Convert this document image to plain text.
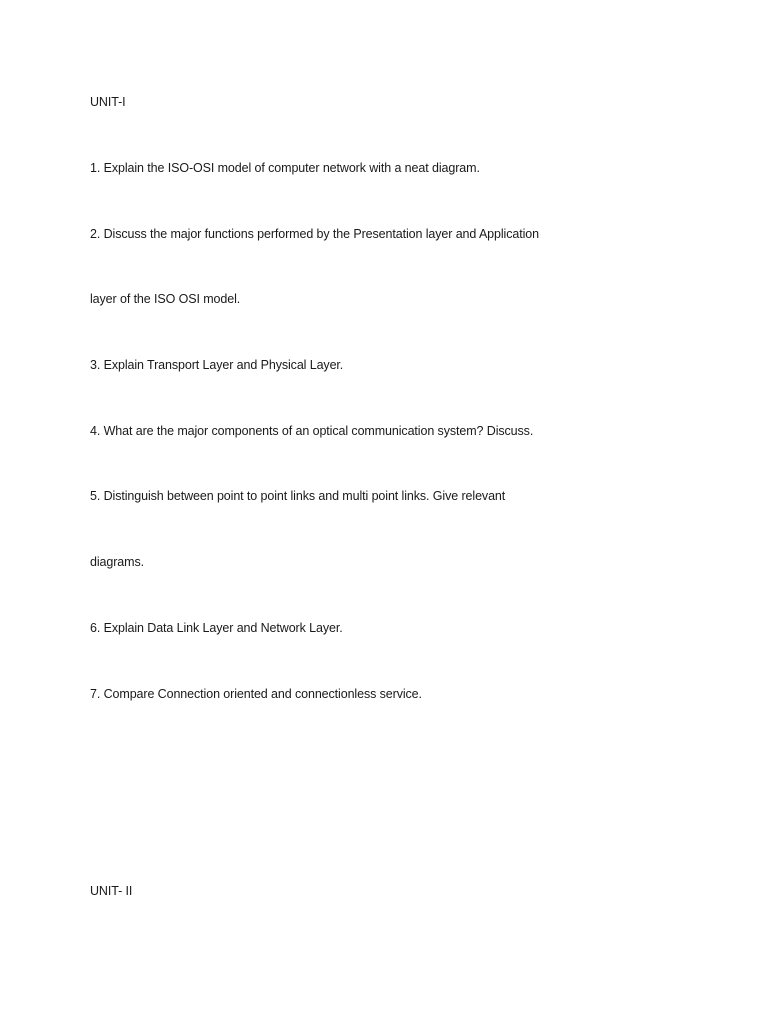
UNIT-I
1. Explain the ISO-OSI model of computer network with a neat diagram.
2. Discuss the major functions performed by the Presentation layer and Application
layer of the ISO OSI model.
3. Explain Transport Layer and Physical Layer.
4. What are the major components of an optical communication system? Discuss.
5. Distinguish between point to point links and multi point links. Give relevant
diagrams.
6. Explain Data Link Layer and Network Layer.
7. Compare Connection oriented and connectionless service.
UNIT- II
